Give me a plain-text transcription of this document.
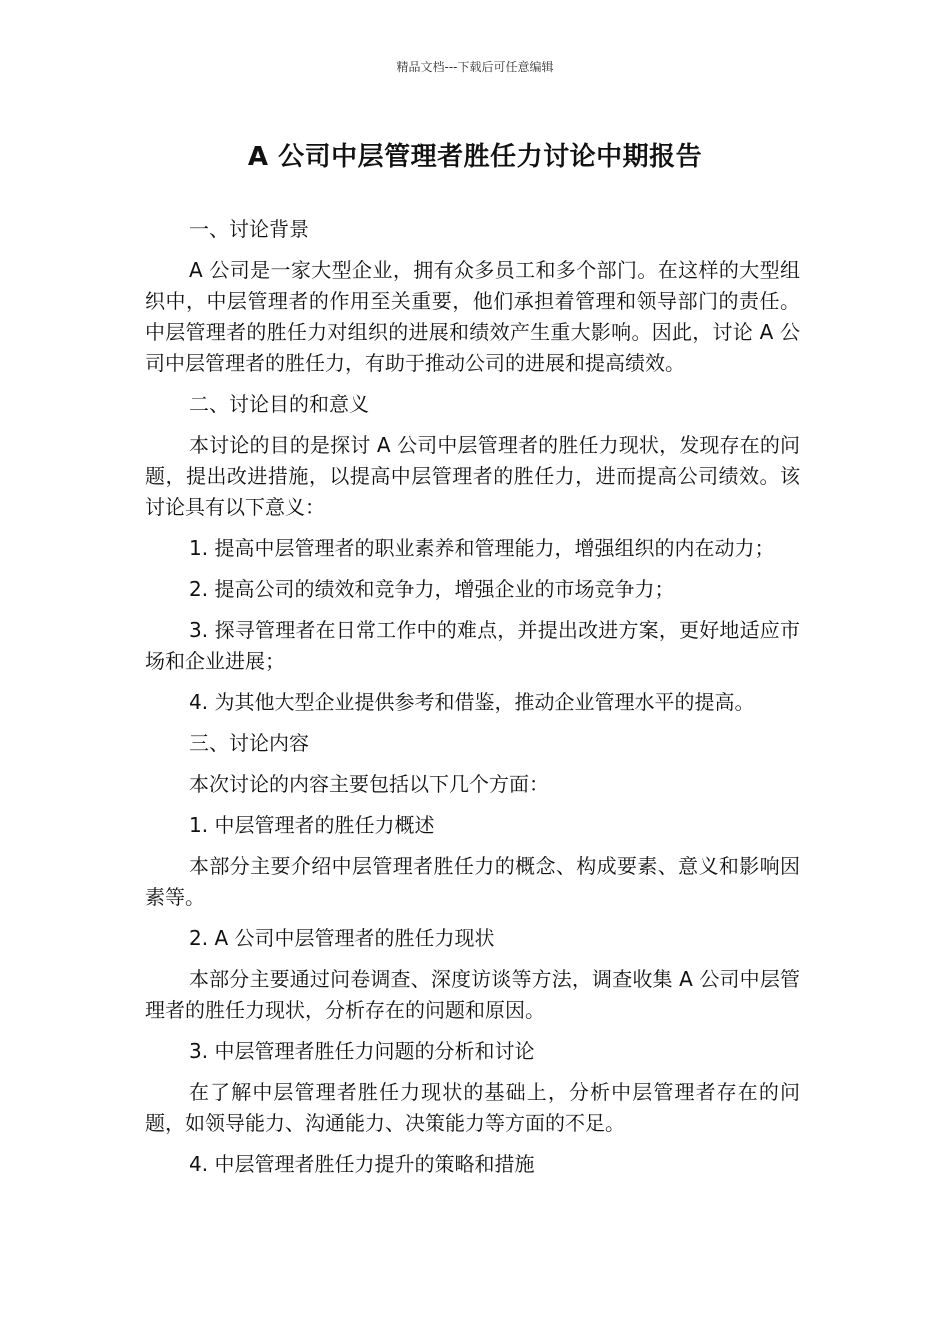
精品文档---下载后可任意编辑
A 公司中层管理者胜任力讨论中期报告

一、讨论背景

A 公司是一家大型企业，拥有众多员工和多个部门。在这样的大型组织中，中层管理者的作用至关重要，他们承担着管理和领导部门的责任。中层管理者的胜任力对组织的进展和绩效产生重大影响。因此，讨论 A 公司中层管理者的胜任力，有助于推动公司的进展和提高绩效。

二、讨论目的和意义

本讨论的目的是探讨 A 公司中层管理者的胜任力现状，发现存在的问题，提出改进措施，以提高中层管理者的胜任力，进而提高公司绩效。该讨论具有以下意义：

1. 提高中层管理者的职业素养和管理能力，增强组织的内在动力；

2. 提高公司的绩效和竞争力，增强企业的市场竞争力；

3. 探寻管理者在日常工作中的难点，并提出改进方案，更好地适应市场和企业进展；

4. 为其他大型企业提供参考和借鉴，推动企业管理水平的提高。

三、讨论内容

本次讨论的内容主要包括以下几个方面：

1. 中层管理者的胜任力概述

本部分主要介绍中层管理者胜任力的概念、构成要素、意义和影响因素等。

2. A 公司中层管理者的胜任力现状

本部分主要通过问卷调查、深度访谈等方法，调查收集 A 公司中层管理者的胜任力现状，分析存在的问题和原因。

3. 中层管理者胜任力问题的分析和讨论

在了解中层管理者胜任力现状的基础上，分析中层管理者存在的问题，如领导能力、沟通能力、决策能力等方面的不足。

4. 中层管理者胜任力提升的策略和措施
